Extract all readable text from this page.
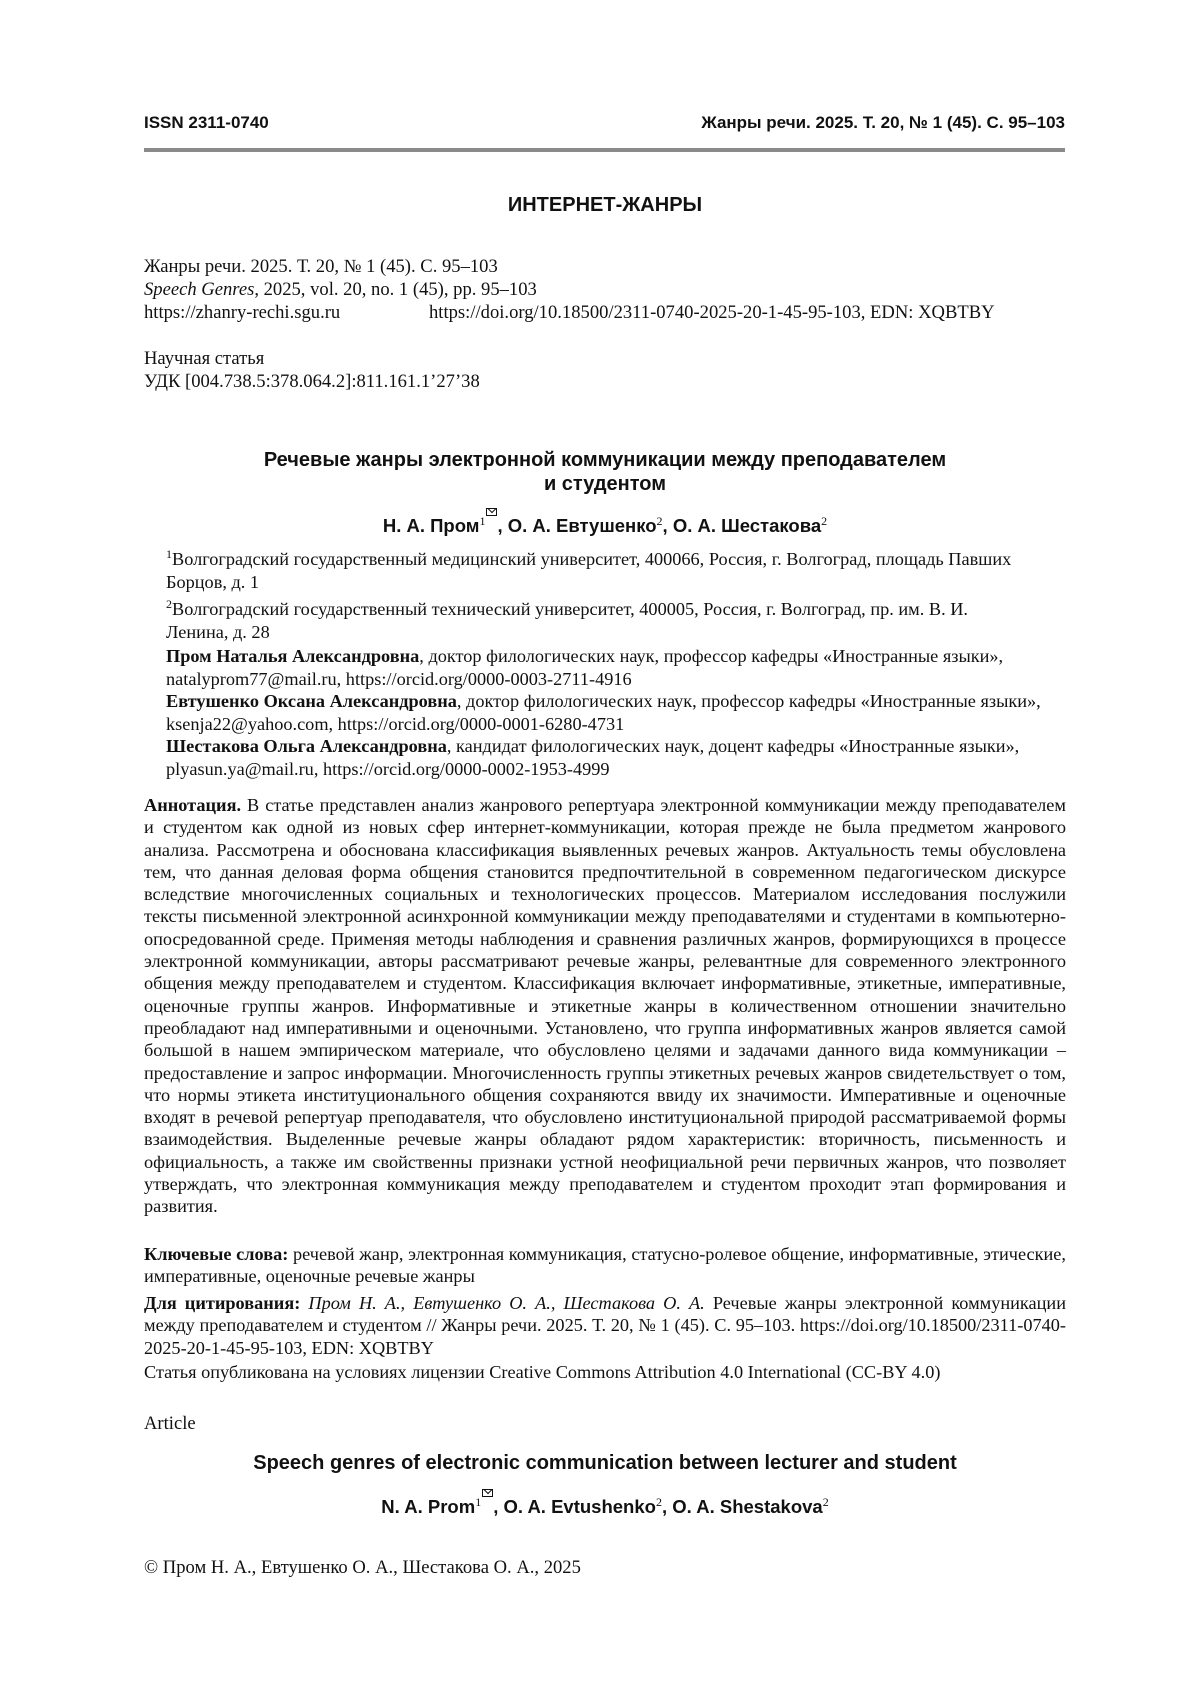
ISSN 2311-0740	Жанры речи. 2025. Т. 20, № 1 (45). С. 95–103
ИНТЕРНЕТ-ЖАНРЫ
Жанры речи. 2025. Т. 20, № 1 (45). С. 95–103
Speech Genres, 2025, vol. 20, no. 1 (45), pp. 95–103
https://zhanry-rechi.sgu.ru	https://doi.org/10.18500/2311-0740-2025-20-1-45-95-103, EDN: XQBTBY
Научная статья
УДК [004.738.5:378.064.2]:811.161.1’27’38
Речевые жанры электронной коммуникации между преподавателем
и студентом
Н. А. Пром$^1$ , О. А. Евтушенко$^2$, О. А. Шестакова$^2$
$^1$Волгоградский государственный медицинский университет, 400066, Россия, г. Волгоград, площадь Павших Борцов, д. 1
$^2$Волгоградский государственный технический университет, 400005, Россия, г. Волгоград, пр. им. В. И. Ленина, д. 28
Пром Наталья Александровна, доктор филологических наук, профессор кафедры «Иностранные языки», natalyprom77@mail.ru, https://orcid.org/0000-0003-2711-4916
Евтушенко Оксана Александровна, доктор филологических наук, профессор кафедры «Иностранные языки», ksenja22@yahoo.com, https://orcid.org/0000-0001-6280-4731
Шестакова Ольга Александровна, кандидат филологических наук, доцент кафедры «Иностранные языки», plyasun.ya@mail.ru, https://orcid.org/0000-0002-1953-4999
Аннотация. В статье представлен анализ жанрового репертуара электронной коммуникации между преподавателем и студентом как одной из новых сфер интернет-коммуникации, которая прежде не была предметом жанрового анализа. Рассмотрена и обоснована классификация выявленных речевых жанров. Актуальность темы обусловлена тем, что данная деловая форма общения становится предпочтительной в современном педагогическом дискурсе вследствие многочисленных социальных и технологических процессов. Материалом исследования послужили тексты письменной электронной асинхронной коммуникации между преподавателями и студентами в компьютерно-опосредованной среде. Применяя методы наблюдения и сравнения различных жанров, формирующихся в процессе электронной коммуникации, авторы рассматривают речевые жанры, релевантные для современного электронного общения между преподавателем и студентом. Классификация включает информативные, этикетные, императивные, оценочные группы жанров. Информативные и этикетные жанры в количественном отношении значительно преобладают над императивными и оценочными. Установлено, что группа информативных жанров является самой большой в нашем эмпирическом материале, что обусловлено целями и задачами данного вида коммуникации – предоставление и запрос информации. Многочисленность группы этикетных речевых жанров свидетельствует о том, что нормы этикета институционального общения сохраняются ввиду их значимости. Императивные и оценочные входят в речевой репертуар преподавателя, что обусловлено институциональной природой рассматриваемой формы взаимодействия. Выделенные речевые жанры обладают рядом характеристик: вторичность, письменность и официальность, а также им свойственны признаки устной неофициальной речи первичных жанров, что позволяет утверждать, что электронная коммуникация между преподавателем и студентом проходит этап формирования и развития.
Ключевые слова: речевой жанр, электронная коммуникация, статусно-ролевое общение, информативные, этические, императивные, оценочные речевые жанры
Для цитирования: Пром Н. А., Евтушенко О. А., Шестакова О. А. Речевые жанры электронной коммуникации между преподавателем и студентом // Жанры речи. 2025. Т. 20, № 1 (45). С. 95–103. https://doi.org/10.18500/2311-0740-2025-20-1-45-95-103, EDN: XQBTBY
Статья опубликована на условиях лицензии Creative Commons Attribution 4.0 International (CC-BY 4.0)
Article
Speech genres of electronic communication between lecturer and student
N. A. Prom$^1$ , O. A. Evtushenko$^2$, O. A. Shestakova$^2$
© Пром Н. А., Евтушенко О. А., Шестакова О. А., 2025
